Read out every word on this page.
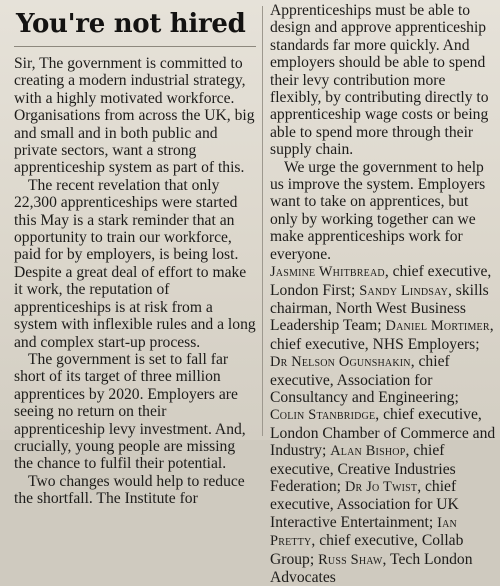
You're not hired

Sir, The government is committed to creating a modern industrial strategy, with a highly motivated workforce. Organisations from across the UK, big and small and in both public and private sectors, want a strong apprenticeship system as part of this.

The recent revelation that only 22,300 apprenticeships were started this May is a stark reminder that an opportunity to train our workforce, paid for by employers, is being lost. Despite a great deal of effort to make it work, the reputation of apprenticeships is at risk from a system with inflexible rules and a long and complex start-up process.

The government is set to fall far short of its target of three million apprentices by 2020. Employers are seeing no return on their apprenticeship levy investment. And, crucially, young people are missing the chance to fulfil their potential.

Two changes would help to reduce the shortfall. The Institute for

Apprenticeships must be able to design and approve apprenticeship standards far more quickly. And employers should be able to spend their levy contribution more flexibly, by contributing directly to apprenticeship wage costs or being able to spend more through their supply chain.

We urge the government to help us improve the system. Employers want to take on apprentices, but only by working together can we make apprenticeships work for everyone.

Jasmine Whitbread, chief executive, London First; Sandy Lindsay, skills chairman, North West Business Leadership Team; Daniel Mortimer, chief executive, NHS Employers; Dr Nelson Ogunshakin, chief executive, Association for Consultancy and Engineering; Colin Stanbridge, chief executive, London Chamber of Commerce and Industry; Alan Bishop, chief executive, Creative Industries Federation; Dr Jo Twist, chief executive, Association for UK Interactive Entertainment; Ian Pretty, chief executive, Collab Group; Russ Shaw, Tech London Advocates
